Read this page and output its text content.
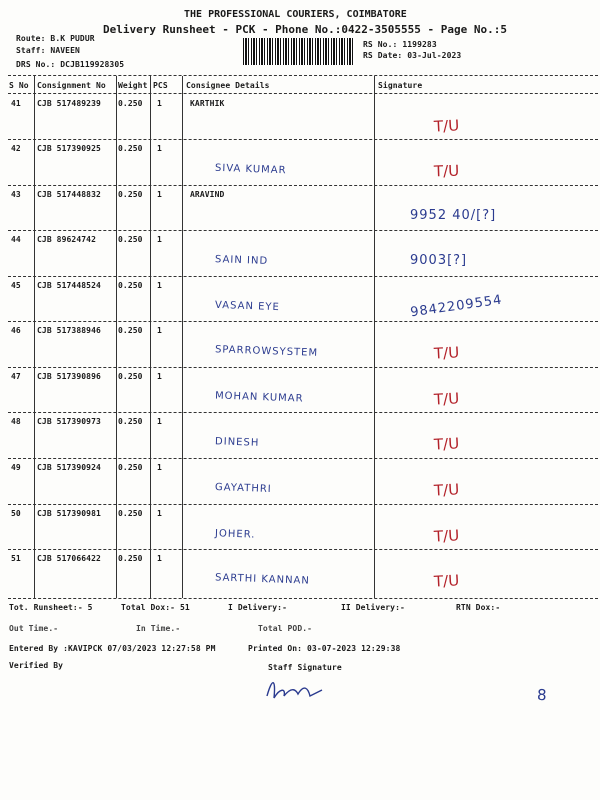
THE PROFESSIONAL COURIERS, COIMBATORE
Delivery Runsheet - PCK - Phone No.:0422-3505555 - Page No.:5
Route: B.K PUDUR
Staff: NAVEEN
DRS No.: DCJB119928305
RS No.: 1199283
RS Date: 03-Jul-2023
S No Consignment No Weight PCS Consignee Details	Signature
41 CJB 517489239 0.250 1	KARTHIK
T/U
42 CJB 517390925 0.250 1
SIVA KUMAR	T/U
43 CJB 517448832 0.250 1	ARAVIND
9952 40/[?]
44 CJB 89624742	0.250 1
SAIN IND	9003[?]
45 CJB 517448524 0.250 1
VASAN EYE	9842209554
46 CJB 517388946 0.250 1
SPARROWSYSTEM	T/U
47 CJB 517390896 0.250 1
MOHAN KUMAR	T/U
48 CJB 517390973 0.250 1
DINESH	T/U
49 CJB 517390924 0.250 1
GAYATHRI	T/U
50 CJB 517390981 0.250 1
JOHER.	T/U
51 CJB 517066422 0.250 1
SARTHI KANNAN	T/U
Tot. Runsheet:- 5	Total Dox:- 51	I Delivery:-	II Delivery:-	RTN Dox:-
Out Time.-	In Time.-	Total POD.-
Entered By :KAVIPCK 07/03/2023 12:27:58 PM	Printed On: 03-07-2023 12:29:38
Verified By	Staff Signature
8
